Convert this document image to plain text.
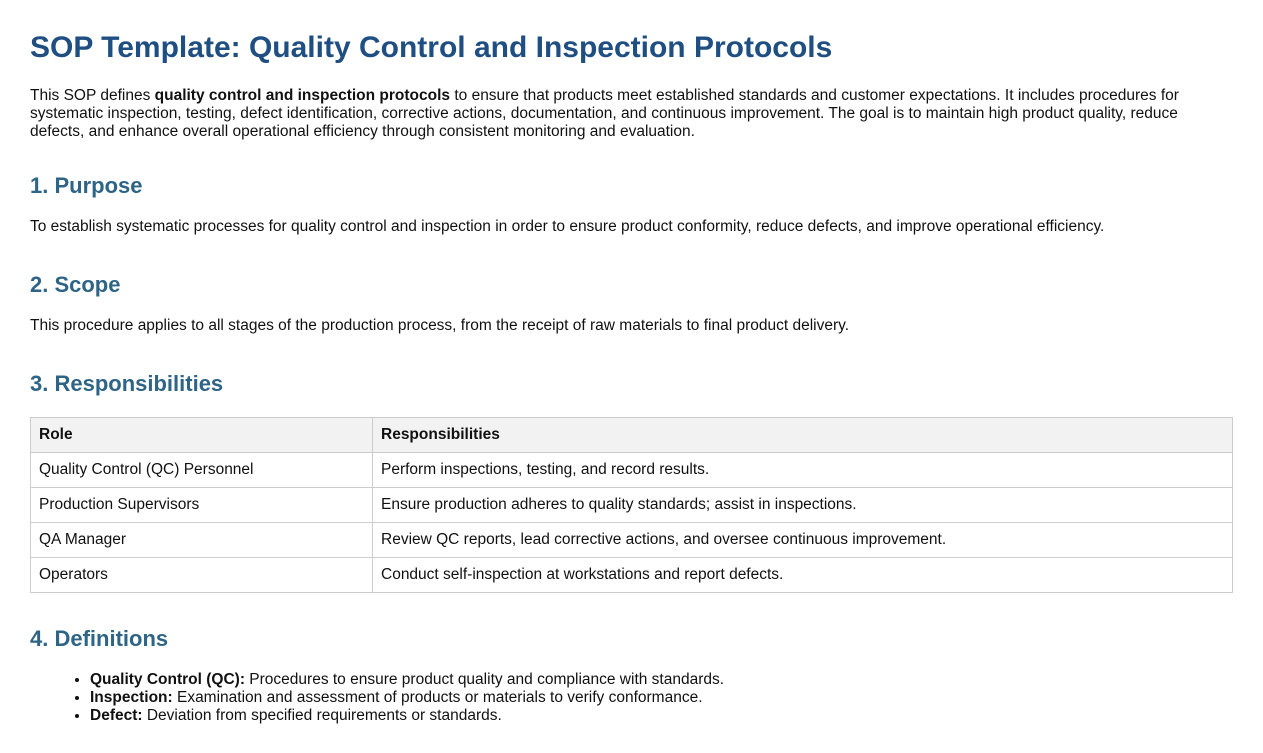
SOP Template: Quality Control and Inspection Protocols

This SOP defines quality control and inspection protocols to ensure that products meet established standards and customer expectations. It includes procedures for systematic inspection, testing, defect identification, corrective actions, documentation, and continuous improvement. The goal is to maintain high product quality, reduce defects, and enhance overall operational efficiency through consistent monitoring and evaluation.

1. Purpose

To establish systematic processes for quality control and inspection in order to ensure product conformity, reduce defects, and improve operational efficiency.

2. Scope

This procedure applies to all stages of the production process, from the receipt of raw materials to final product delivery.

3. Responsibilities
Role	Responsibilities
Quality Control (QC) Personnel	Perform inspections, testing, and record results.
Production Supervisors	Ensure production adheres to quality standards; assist in inspections.
QA Manager	Review QC reports, lead corrective actions, and oversee continuous improvement.
Operators	Conduct self-inspection at workstations and report defects.
4. Definitions
• Quality Control (QC): Procedures to ensure product quality and compliance with standards.
• Inspection: Examination and assessment of products or materials to verify conformance.
• Defect: Deviation from specified requirements or standards.
